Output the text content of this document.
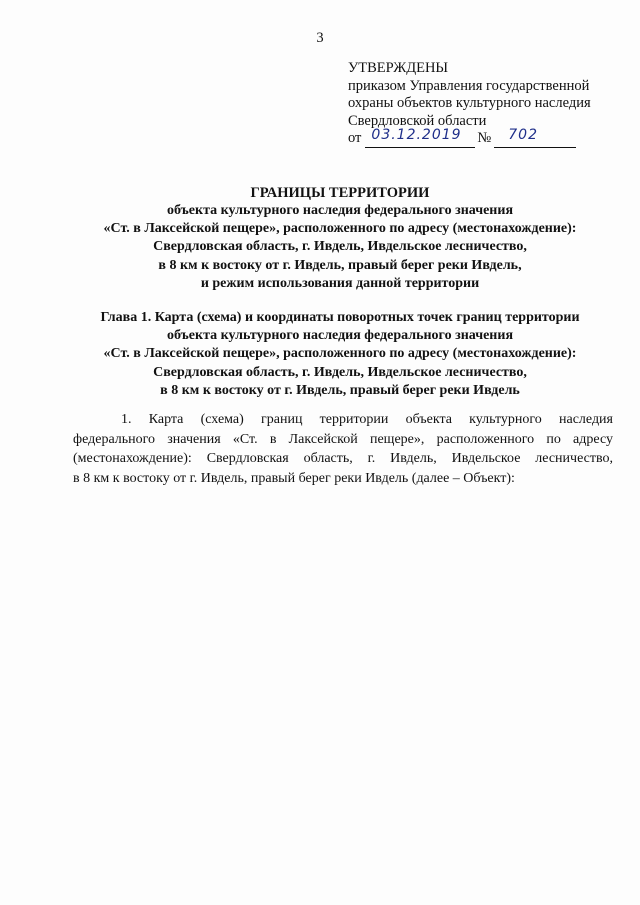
3
УТВЕРЖДЕНЫ
приказом Управления государственной
охраны объектов культурного наследия
Свердловской области
от 03.12.2019 № 702
ГРАНИЦЫ ТЕРРИТОРИИ
объекта культурного наследия федерального значения
«Ст. в Лаксейской пещере», расположенного по адресу (местонахождение):
Свердловская область, г. Ивдель, Ивдельское лесничество,
в 8 км к востоку от г. Ивдель, правый берег реки Ивдель,
и режим использования данной территории
Глава 1. Карта (схема) и координаты поворотных точек границ территории
объекта культурного наследия федерального значения
«Ст. в Лаксейской пещере», расположенного по адресу (местонахождение):
Свердловская область, г. Ивдель, Ивдельское лесничество,
в 8 км к востоку от г. Ивдель, правый берег реки Ивдель
1. Карта (схема) границ территории объекта культурного наследия
федерального значения «Ст. в Лаксейской пещере», расположенного по адресу
(местонахождение): Свердловская область, г. Ивдель, Ивдельское лесничество,
в 8 км к востоку от г. Ивдель, правый берег реки Ивдель (далее – Объект):
